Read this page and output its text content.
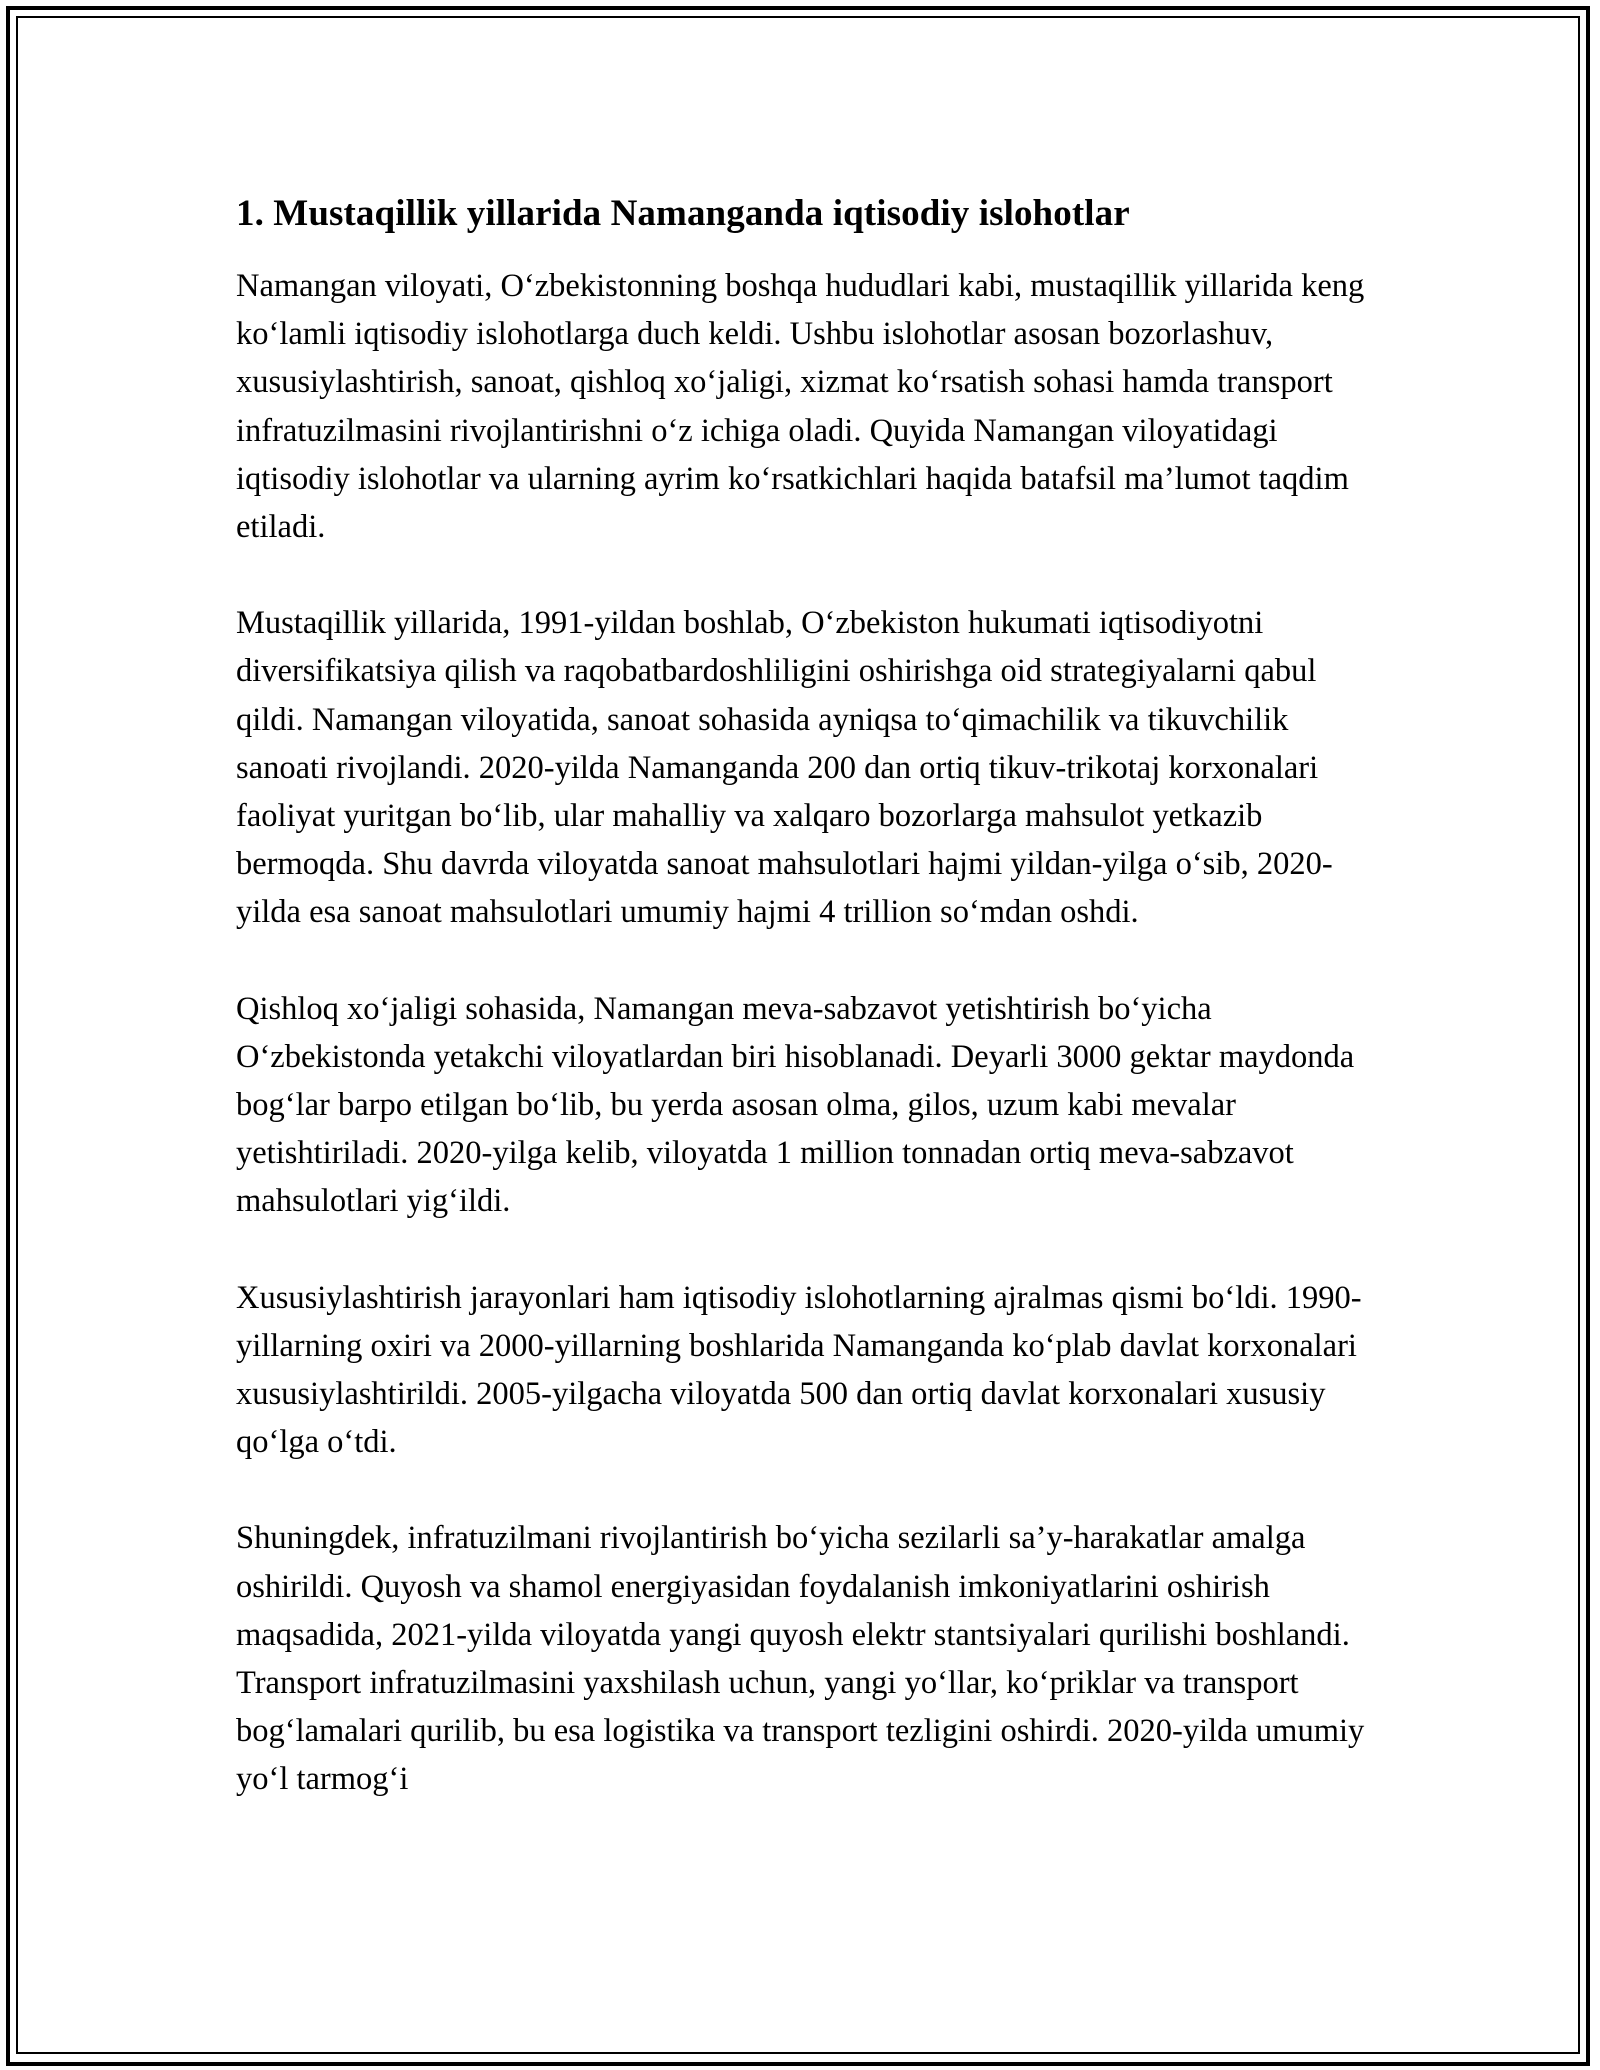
1. Mustaqillik yillarida Namanganda iqtisodiy islohotlar

Namangan viloyati, O‘zbekistonning boshqa hududlari kabi, mustaqillik yillarida keng ko‘lamli iqtisodiy islohotlarga duch keldi. Ushbu islohotlar asosan bozorlashuv, xususiylashtirish, sanoat, qishloq xo‘jaligi, xizmat ko‘rsatish sohasi hamda transport infratuzilmasini rivojlantirishni o‘z ichiga oladi. Quyida Namangan viloyatidagi iqtisodiy islohotlar va ularning ayrim ko‘rsatkichlari haqida batafsil ma’lumot taqdim etiladi.

Mustaqillik yillarida, 1991-yildan boshlab, O‘zbekiston hukumati iqtisodiyotni diversifikatsiya qilish va raqobatbardoshliligini oshirishga oid strategiyalarni qabul qildi. Namangan viloyatida, sanoat sohasida ayniqsa to‘qimachilik va tikuvchilik sanoati rivojlandi. 2020-yilda Namanganda 200 dan ortiq tikuv-trikotaj korxonalari faoliyat yuritgan bo‘lib, ular mahalliy va xalqaro bozorlarga mahsulot yetkazib bermoqda. Shu davrda viloyatda sanoat mahsulotlari hajmi yildan-yilga o‘sib, 2020-yilda esa sanoat mahsulotlari umumiy hajmi 4 trillion so‘mdan oshdi.

Qishloq xo‘jaligi sohasida, Namangan meva-sabzavot yetishtirish bo‘yicha O‘zbekistonda yetakchi viloyatlardan biri hisoblanadi. Deyarli 3000 gektar maydonda bog‘lar barpo etilgan bo‘lib, bu yerda asosan olma, gilos, uzum kabi mevalar yetishtiriladi. 2020-yilga kelib, viloyatda 1 million tonnadan ortiq meva-sabzavot mahsulotlari yig‘ildi.

Xususiylashtirish jarayonlari ham iqtisodiy islohotlarning ajralmas qismi bo‘ldi. 1990-yillarning oxiri va 2000-yillarning boshlarida Namanganda ko‘plab davlat korxonalari xususiylashtirildi. 2005-yilgacha viloyatda 500 dan ortiq davlat korxonalari xususiy qo‘lga o‘tdi.

Shuningdek, infratuzilmani rivojlantirish bo‘yicha sezilarli sa’y-harakatlar amalga oshirildi. Quyosh va shamol energiyasidan foydalanish imkoniyatlarini oshirish maqsadida, 2021-yilda viloyatda yangi quyosh elektr stantsiyalari qurilishi boshlandi. Transport infratuzilmasini yaxshilash uchun, yangi yo‘llar, ko‘priklar va transport bog‘lamalari qurilib, bu esa logistika va transport tezligini oshirdi. 2020-yilda umumiy yo‘l tarmog‘i
